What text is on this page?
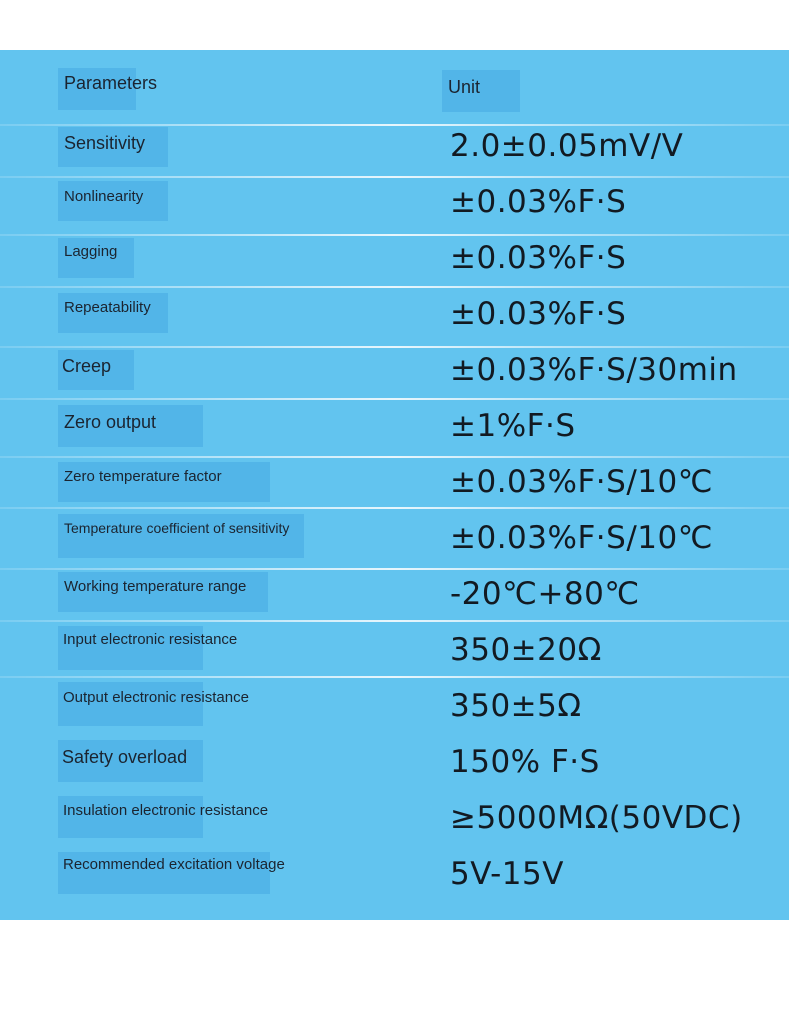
Parameters	Unit
Sensitivity	2.0±0.05mV/V
Nonlinearity	±0.03%F·S
Lagging	±0.03%F·S
Repeatability	±0.03%F·S
Creep	±0.03%F·S/30min
Zero output	±1%F·S
Zero temperature factor	±0.03%F·S/10℃
Temperature coefficient of sensitivity	±0.03%F·S/10℃
Working temperature range	-20℃+80℃
Input electronic resistance	350±20Ω
Output electronic resistance	350±5Ω
Safety overload	150% F·S
Insulation electronic resistance	≥5000MΩ(50VDC)
Recommended excitation voltage	5V-15V
